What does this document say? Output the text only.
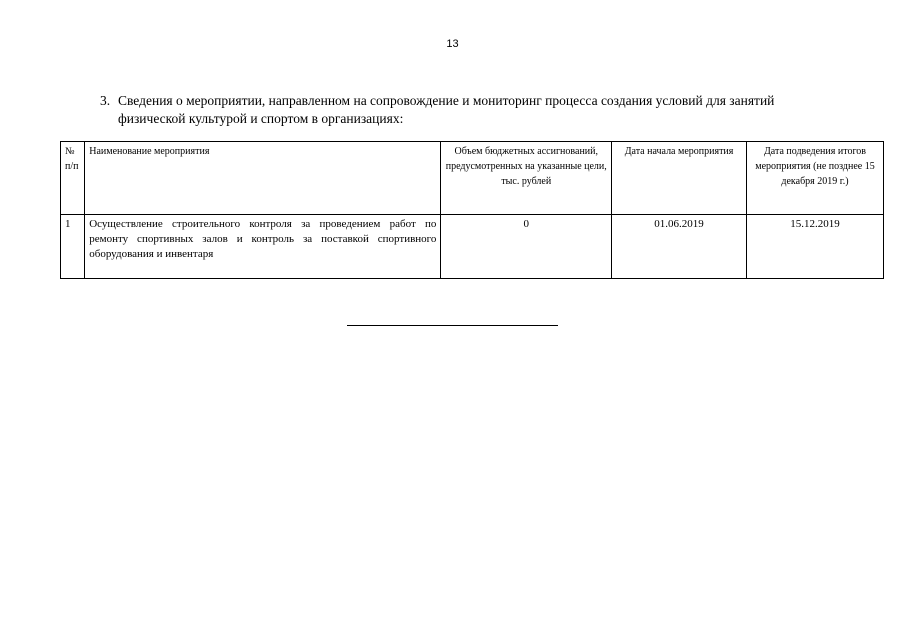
13
3. Сведения о мероприятии, направленном на сопровождение и мониторинг процесса создания условий для занятий
физической культурой и спортом в организациях:
№ п/п	Наименование мероприятия	Объем бюджетных ассигнований, предусмотренных на указанные цели, тыс. рублей	Дата начала мероприятия	Дата подведения итогов мероприятия (не позднее 15 декабря 2019 г.)
1	Осуществление строительного контроля за проведением работ по ремонту спортивных залов и контроль за поставкой спортивного оборудования и инвентаря	0	01.06.2019	15.12.2019
